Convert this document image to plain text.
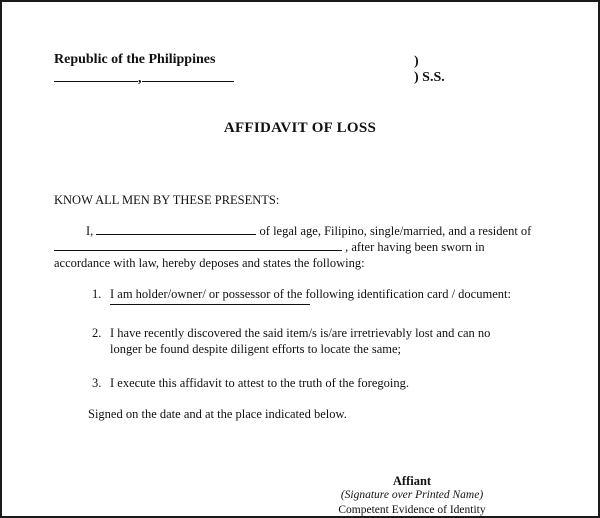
Republic of the Philippines
,
)
) S.S.
AFFIDAVIT OF LOSS
KNOW ALL MEN BY THESE PRESENTS:
I,	of legal age, Filipino, single/married, and a resident of
, after having been sworn in
accordance with law, hereby deposes and states the following:
1. I am holder/owner/ or possessor of the following identification card / document:
2. I have recently discovered the said item/s is/are irretrievably lost and can no
longer be found despite diligent efforts to locate the same;
3. I execute this affidavit to attest to the truth of the foregoing.
Signed on the date and at the place indicated below.
Affiant
(Signature over Printed Name)
Competent Evidence of Identity
